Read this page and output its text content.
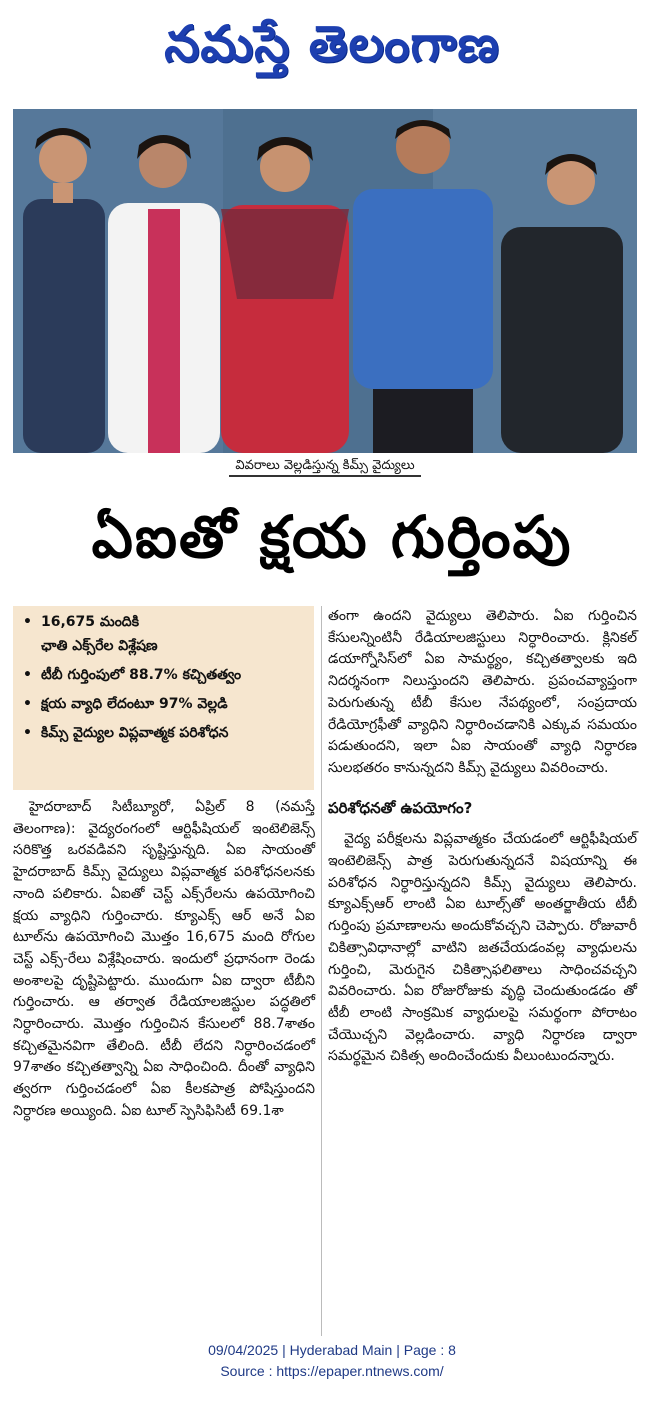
నమస్తే తెలంగాణ
వివరాలు వెల్లడిస్తున్న కిమ్స్ వైద్యులు
ఏఐతో క్షయ గుర్తింపు
• 16,675 మందికి
ఛాతి ఎక్స్‌రేల విశ్లేషణ
• టీబీ గుర్తింపులో 88.7% కచ్చితత్వం
• క్షయ వ్యాధి లేదంటూ 97% వెల్లడి
• కిమ్స్ వైద్యుల విప్లవాత్మక పరిశోధన

హైదరాబాద్ సిటీబ్యూరో, ఏప్రిల్ 8 (నమస్తే తెలంగాణ): వైద్యరంగంలో ఆర్టిఫీషియల్ ఇంటెలిజెన్స్ సరికొత్త ఒరవడివని సృష్టిస్తున్నది. ఏఐ సాయంతో హైదరాబాద్ కిమ్స్ వైద్యులు విప్లవాత్మక పరిశోధనలనకు నాంది పలికారు. ఏఐతో చెస్ట్ ఎక్స్‌రేలను ఉపయోగించి క్షయ వ్యాధిని గుర్తించారు. క్యూఎక్స్ ఆర్ అనే ఏఐ టూల్‌ను ఉపయోగించి మొత్తం 16,675 మంది రోగుల చెస్ట్ ఎక్స్-రేలు విశ్లేషించారు. ఇందులో ప్రధానంగా రెండు అంశాలపై దృష్టిపెట్టారు. ముందుగా ఏఐ ద్వారా టీబీని గుర్తించారు. ఆ తర్వాత రేడియాలజిస్టుల పద్ధతిలో నిర్ధారించారు. మొత్తం గుర్తించిన కేసులలో 88.7శాతం కచ్చితమైనవిగా తేలింది. టీబీ లేదని నిర్ధారించడంలో 97శాతం కచ్చితత్వాన్ని ఏఐ సాధించింది. దీంతో వ్యాధిని త్వరగా గుర్తించడంలో ఏఐ కీలకపాత్ర పోషిస్తుందని నిర్ధారణ అయ్యింది. ఏఐ టూల్ స్పెసిఫిసిటీ 69.1శా

తంగా ఉందని వైద్యులు తెలిపారు. ఏఐ గుర్తించిన కేసులన్నింటినీ రేడియాలజిస్టులు నిర్ధారించారు. క్లినికల్ డయాగ్నోసిస్‌లో ఏఐ సామర్థ్యం, కచ్చితత్వాలకు ఇది నిదర్శనంగా నిలుస్తుందని తెలిపారు. ప్రపంచవ్యాప్తంగా పెరుగుతున్న టీబీ కేసుల నేపథ్యంలో, సంప్రదాయ రేడియోగ్రఫీతో వ్యాధిని నిర్ధారించడానికి ఎక్కువ సమయం పడుతుందని, ఇలా ఏఐ సాయంతో వ్యాధి నిర్ధారణ సులభతరం కానున్నదని కిమ్స్ వైద్యులు వివరించారు.

పరిశోధనతో ఉపయోగం?

వైద్య పరీక్షలను విప్లవాత్మకం చేయడంలో ఆర్టిఫీషియల్ ఇంటెలిజెన్స్ పాత్ర పెరుగుతున్నదనే విషయాన్ని ఈ పరిశోధన నిర్ధారిస్తున్నదని కిమ్స్ వైద్యులు తెలిపారు. క్యూఎక్స్‌ఆర్ లాంటి ఏఐ టూల్స్‌తో అంతర్జాతీయ టీబీ గుర్తింపు ప్రమాణాలను అందుకోవచ్చని చెప్పారు. రోజువారీ చికిత్సావిధానాల్లో వాటిని జతచేయడంవల్ల వ్యాధులను గుర్తించి, మెరుగైన చికిత్సాఫలితాలు సాధించవచ్చని వివరించారు. ఏఐ రోజురోజుకు వృద్ధి చెందుతుండడం తో టీబీ లాంటి సాంక్రమిక వ్యాధులపై సమర్థంగా పోరాటం చేయొచ్చని వెల్లడించారు. వ్యాధి నిర్ధారణ ద్వారా సమర్థమైన చికిత్స అందించేందుకు వీలుంటుందన్నారు.

09/04/2025 | Hyderabad Main | Page : 8
Source : https://epaper.ntnews.com/
